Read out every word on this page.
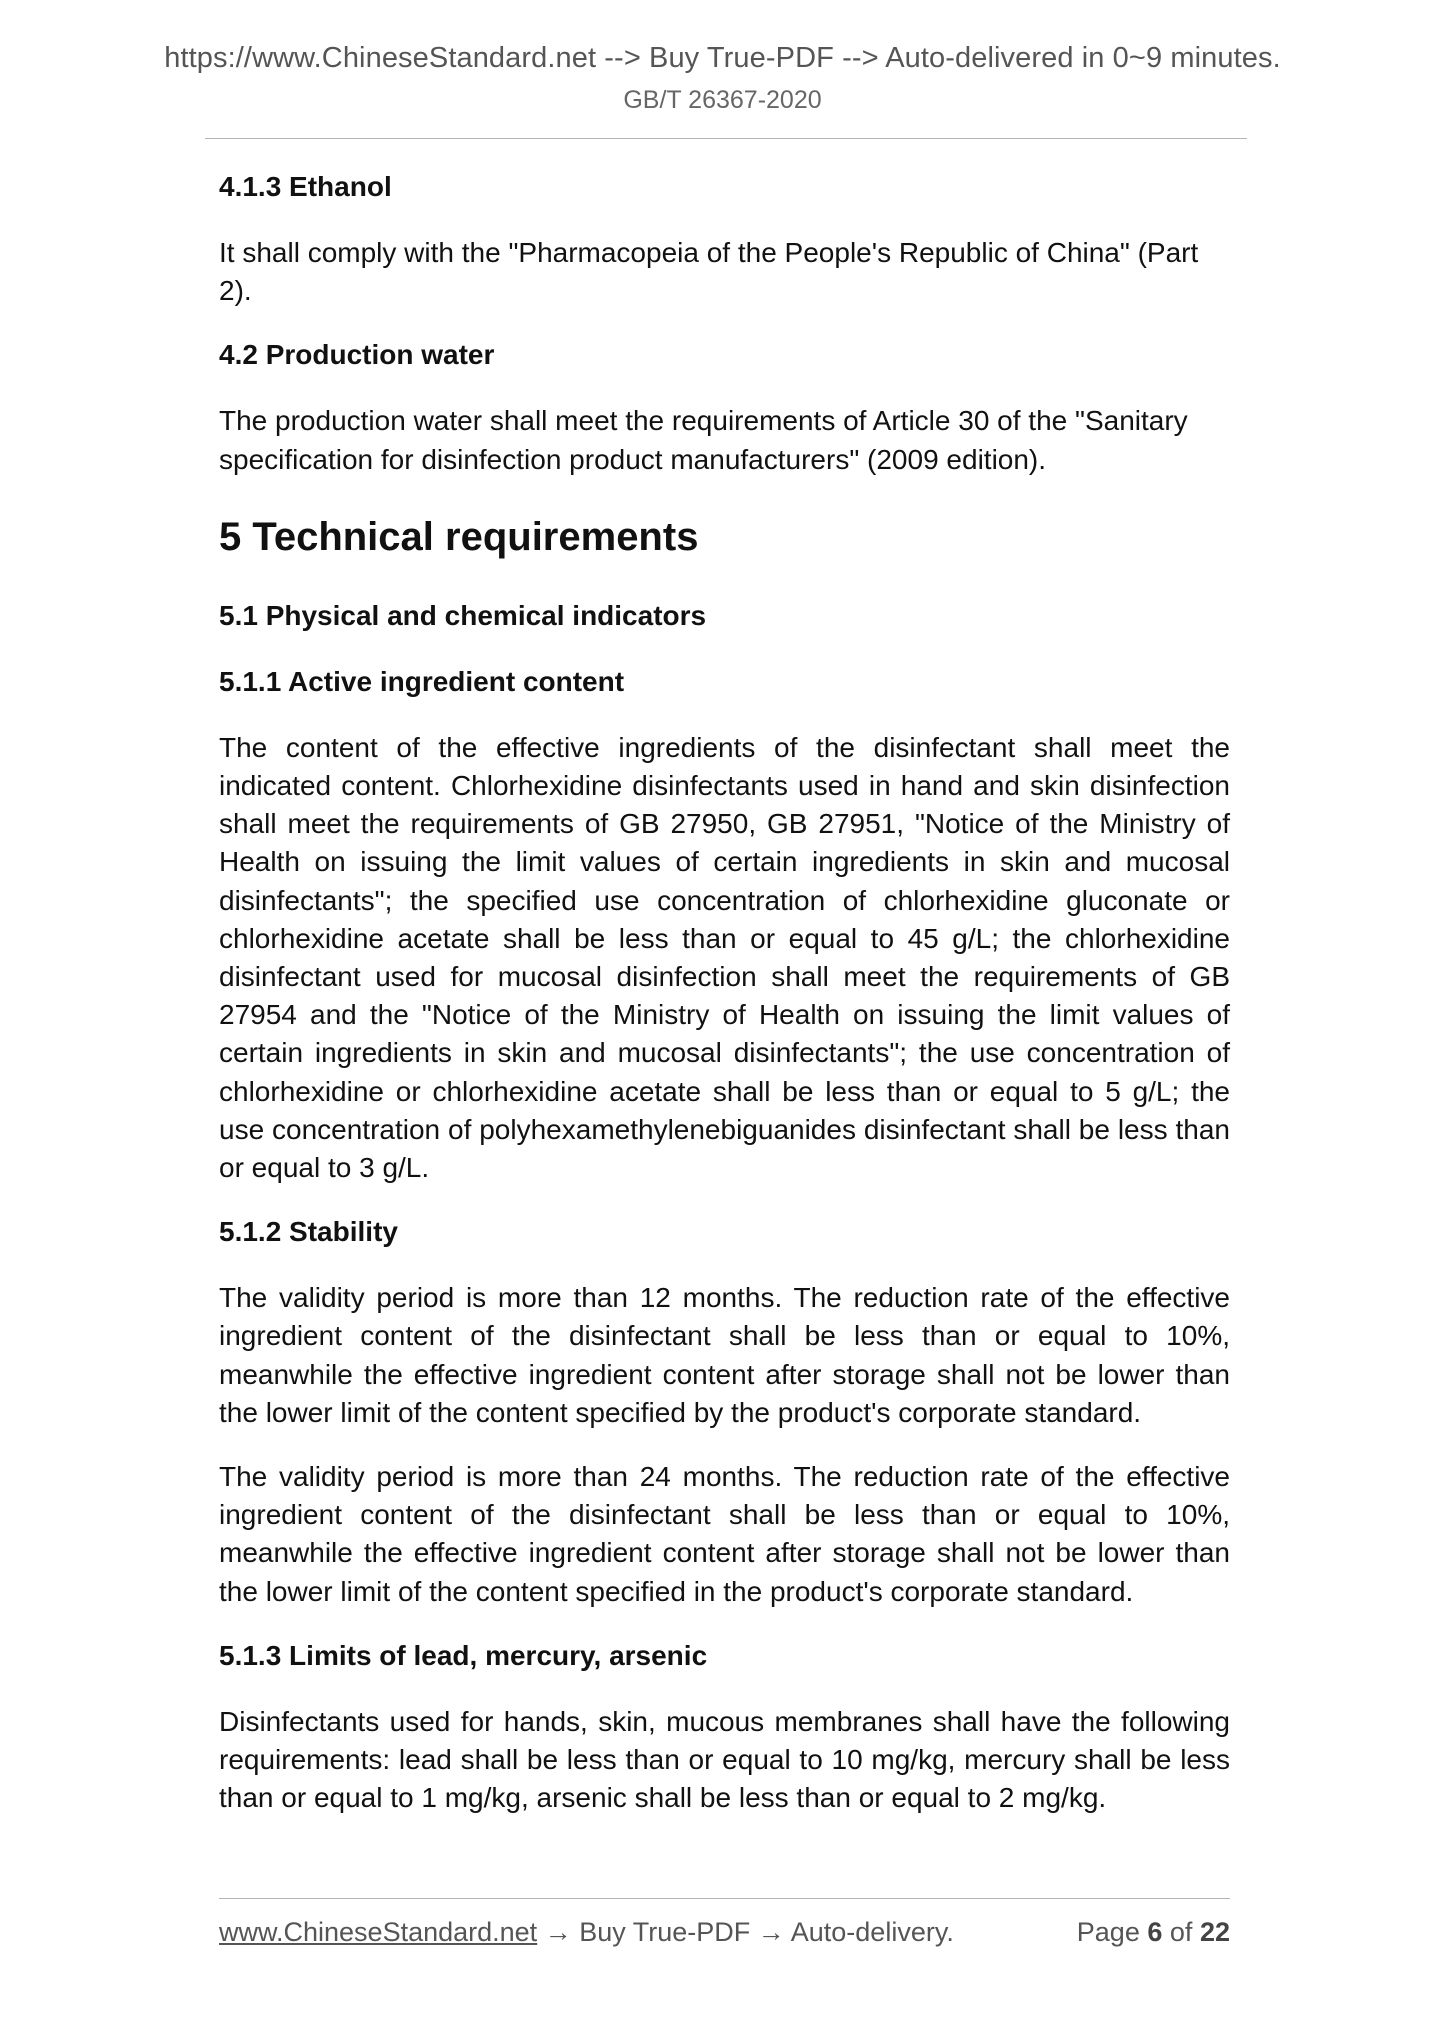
https://www.ChineseStandard.net --> Buy True-PDF --> Auto-delivered in 0~9 minutes.
GB/T 26367-2020
4.1.3 Ethanol

It shall comply with the "Pharmacopeia of the People's Republic of China" (Part 2).

4.2 Production water

The production water shall meet the requirements of Article 30 of the "Sanitary specification for disinfection product manufacturers" (2009 edition).

5 Technical requirements
5.1 Physical and chemical indicators
5.1.1 Active ingredient content

The content of the effective ingredients of the disinfectant shall meet the indicated content. Chlorhexidine disinfectants used in hand and skin disinfection shall meet the requirements of GB 27950, GB 27951, "Notice of the Ministry of Health on issuing the limit values of certain ingredients in skin and mucosal disinfectants"; the specified use concentration of chlorhexidine gluconate or chlorhexidine acetate shall be less than or equal to 45 g/L; the chlorhexidine disinfectant used for mucosal disinfection shall meet the requirements of GB 27954 and the "Notice of the Ministry of Health on issuing the limit values of certain ingredients in skin and mucosal disinfectants"; the use concentration of chlorhexidine or chlorhexidine acetate shall be less than or equal to 5 g/L; the use concentration of polyhexamethylenebiguanides disinfectant shall be less than or equal to 3 g/L.

5.1.2 Stability

The validity period is more than 12 months. The reduction rate of the effective ingredient content of the disinfectant shall be less than or equal to 10%, meanwhile the effective ingredient content after storage shall not be lower than the lower limit of the content specified by the product's corporate standard.

The validity period is more than 24 months. The reduction rate of the effective ingredient content of the disinfectant shall be less than or equal to 10%, meanwhile the effective ingredient content after storage shall not be lower than the lower limit of the content specified in the product's corporate standard.

5.1.3 Limits of lead, mercury, arsenic

Disinfectants used for hands, skin, mucous membranes shall have the following requirements: lead shall be less than or equal to 10 mg/kg, mercury shall be less than or equal to 1 mg/kg, arsenic shall be less than or equal to 2 mg/kg.

www.ChineseStandard.net → Buy True-PDF → Auto-delivery.	Page 6 of 22
